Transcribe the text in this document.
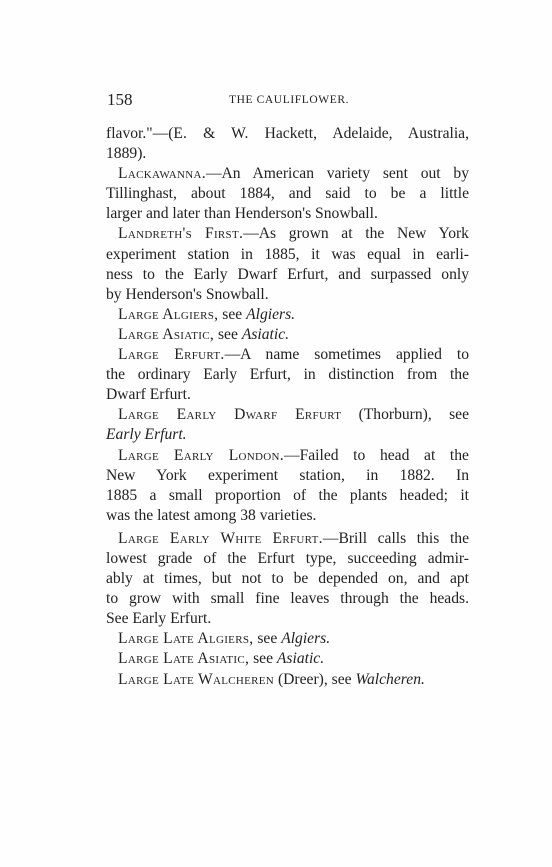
158	THE CAULIFLOWER.
flavor."—(E. & W. Hackett, Adelaide, Australia,
1889).
Lackawanna.—An American variety sent out by
Tillinghast, about 1884, and said to be a little
larger and later than Henderson's Snowball.
Landreth's First.—As grown at the New York
experiment station in 1885, it was equal in earli-
ness to the Early Dwarf Erfurt, and surpassed only
by Henderson's Snowball.
Large Algiers, see Algiers.
Large Asiatic, see Asiatic.
Large Erfurt.—A name sometimes applied to
the ordinary Early Erfurt, in distinction from the
Dwarf Erfurt.
Large Early Dwarf Erfurt (Thorburn), see
Early Erfurt.
Large Early London.—Failed to head at the
New York experiment station, in 1882. In
1885 a small proportion of the plants headed; it
was the latest among 38 varieties.
Large Early White Erfurt.—Brill calls this the
lowest grade of the Erfurt type, succeeding admir-
ably at times, but not to be depended on, and apt
to grow with small fine leaves through the heads.
See Early Erfurt.
Large Late Algiers, see Algiers.
Large Late Asiatic, see Asiatic.
Large Late Walcheren (Dreer), see Walcheren.
